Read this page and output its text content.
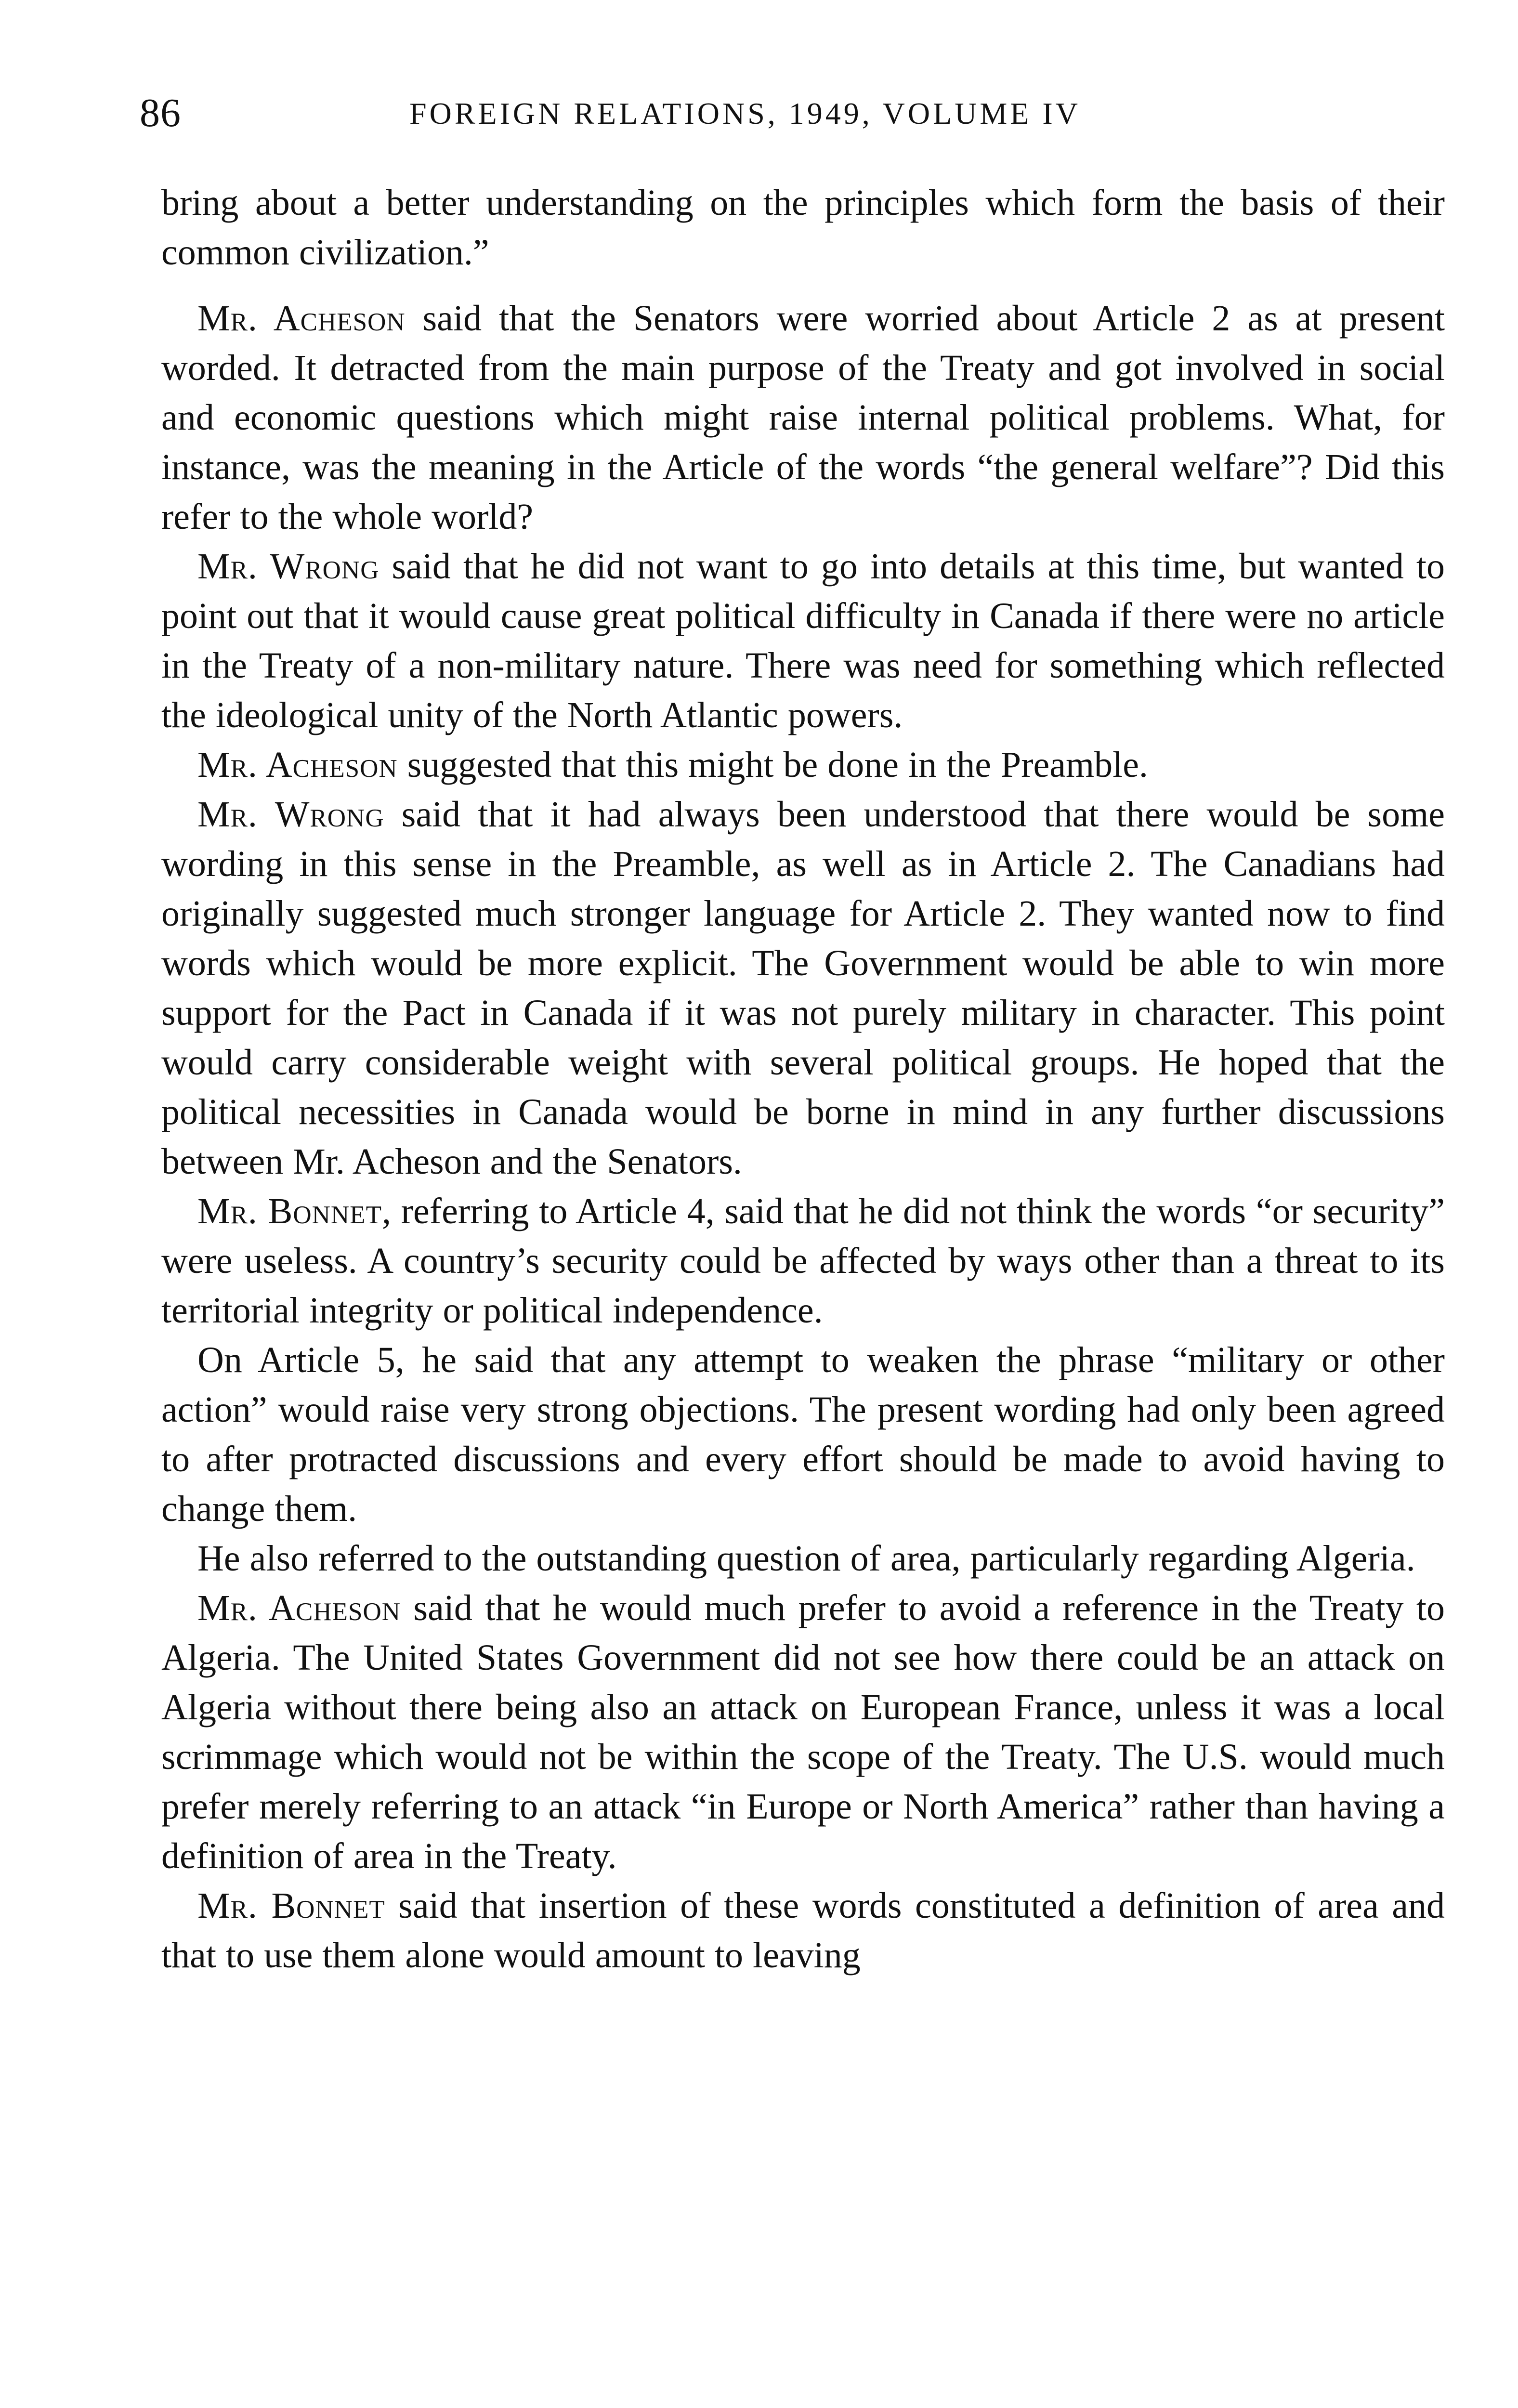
86	FOREIGN RELATIONS, 1949, VOLUME IV

bring about a better understanding on the principles which form the basis of their common civilization.”

Mr. Acheson said that the Senators were worried about Article 2 as at present worded. It detracted from the main purpose of the Treaty and got involved in social and economic questions which might raise internal political problems. What, for instance, was the meaning in the Article of the words “the general welfare”? Did this refer to the whole world?

Mr. Wrong said that he did not want to go into details at this time, but wanted to point out that it would cause great political difficulty in Canada if there were no article in the Treaty of a non-military nature. There was need for something which reflected the ideological unity of the North Atlantic powers.

Mr. Acheson suggested that this might be done in the Preamble.

Mr. Wrong said that it had always been understood that there would be some wording in this sense in the Preamble, as well as in Article 2. The Canadians had originally suggested much stronger language for Article 2. They wanted now to find words which would be more explicit. The Government would be able to win more support for the Pact in Canada if it was not purely military in character. This point would carry considerable weight with several political groups. He hoped that the political necessities in Canada would be borne in mind in any further discussions between Mr. Acheson and the Senators.

Mr. Bonnet, referring to Article 4, said that he did not think the words “or security” were useless. A country’s security could be affected by ways other than a threat to its territorial integrity or political independence.

On Article 5, he said that any attempt to weaken the phrase “military or other action” would raise very strong objections. The present wording had only been agreed to after protracted discussions and every effort should be made to avoid having to change them.

He also referred to the outstanding question of area, particularly regarding Algeria.

Mr. Acheson said that he would much prefer to avoid a reference in the Treaty to Algeria. The United States Government did not see how there could be an attack on Algeria without there being also an attack on European France, unless it was a local scrimmage which would not be within the scope of the Treaty. The U.S. would much prefer merely referring to an attack “in Europe or North America” rather than having a definition of area in the Treaty.

Mr. Bonnet said that insertion of these words constituted a definition of area and that to use them alone would amount to leaving
